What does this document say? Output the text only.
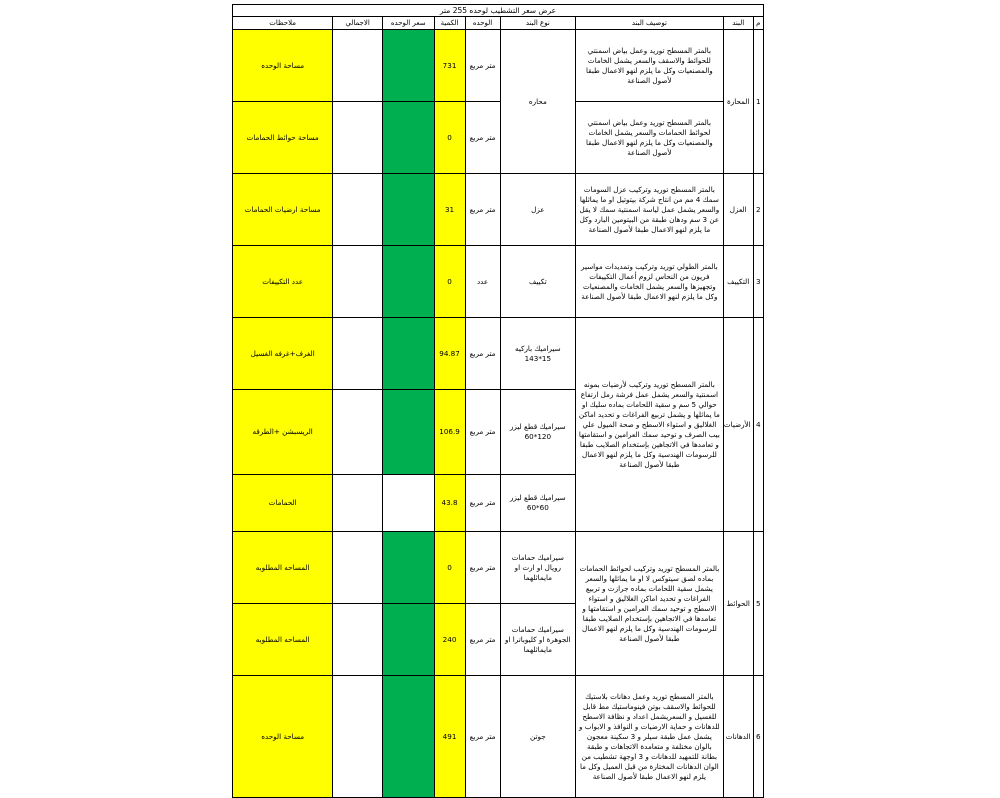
عرض سعر التشطيب لوحده 255 متر								
م	البند	توصيف البند	نوع البند	الوحده	الكمية	سعر الوحده	الاجمالي	ملاحظات
1	المحارة	بالمتر المسطح توريد وعمل بياض اسمنتي للحوائط والاسقف والسعر يشمل الخامات والمصنعيات وكل ما يلزم لنهو الاعمال طبقا لأصول الصناعة	محاره	متر مربع	731			مساحة الوحده
		بالمتر المسطح توريد وعمل بياض اسمنتي لحوائط الحمامات والسعر يشمل الخامات والمصنعيات وكل ما يلزم لنهو الاعمال طبقا لأصول الصناعة		متر مربع	0			مساحة حوائط الحمامات
2	العزل	بالمتر المسطح توريد وتركيب عزل السومات سمك 4 مم من انتاج شركة بيتوتيل او ما يماثلها والسعر يشمل عمل لياسة اسمنتية سمك لا يقل عن 3 سم ودهان طبقة من البيتومين البارد وكل ما يلزم لنهو الاعمال طبقا لأصول الصناعة	عزل	متر مربع	31			مساحة ارضيات الحمامات
3	التكييف	بالمتر الطولي توريد وتركيب وتمديدات مواسير فريون من النحاس لزوم أعمال التكييفات وتجهيزها والسعر يشمل الخامات والمصنعيات وكل ما يلزم لنهو الاعمال طبقا لأصول الصناعة	تكييف	عدد	0			عدد التكييفات
4	الأرضيات	بالمتر المسطح توريد وتركيب لأرضيات بمونه اسمنتية والسعر يشمل عمل فرشة رمل ارتفاع حوالي 5 سم و سقية اللحامات بماده سليك او ما يماثلها و يشمل تربيع الفراغات و تحديد اماكن الغلاليق و استواء الاسطح و صحة الميول علي بيب الصرف و توحيد سمك العرامين و استقامتها و تعامدها في الاتجاهين بإستخدام الصلايب طبقا للرسومات الهندسية وكل ما يلزم لنهو الاعمال طبقا لأصول الصناعة	سيراميك باركيه 15*143	متر مربع	94.87			الغرف+غرفه الغسيل
			سيراميك قطع ليزر 120*60	متر مربع	106.9			الريسبشن +الطرقه
			سيراميك قطع ليزر 60*60	متر مربع	43.8			الحمامات
5	الحوائط	بالمتر المسطح توريد وتركيب لحوائط الحمامات بماده لصق سيتوكس لا او ما يماثلها والسعر يشمل سقية اللحامات بماده جرازت و تربيع الفراغات و تحديد اماكن الغلاليق و استواء الاسطح و توحيد سمك العرامين و استقامتها و تعامدها في الاتجاهين بإستخدام الصلايب طبقا للرسومات الهندسية وكل ما يلزم لنهو الاعمال طبقا لأصول الصناعة	سيراميك حمامات رويال او ارت او مايماثلهما	متر مربع	0			المساحه المطلوبه
			سيراميك حمامات الجوهرة او كليوباترا او مايماثلهما	متر مربع	240			المساحه المطلوبه
6	الدهانات	بالمتر المسطح توريد وعمل دهانات بلاستيك للحوائط والاسقف بوتن فينوماستيك مط قابل للغسيل و السعريشمل اعداد و نظافة الاسطح للدهانات و حماية الارضيات و النوافذ و الابواب و يشمل عمل طبقة سيلر و 3 سكينة معجون بالوان مختلفة و متعامدة الاتجاهات و طبقة بطانة للتمهيد للدهانات و 3 اوجهة تشطيب من الوان الدهانات المختارة من قبل العميل وكل ما يلزم لنهو الاعمال طبقا لأصول الصناعة	جوتن	متر مربع	491			مساحة الوحده
